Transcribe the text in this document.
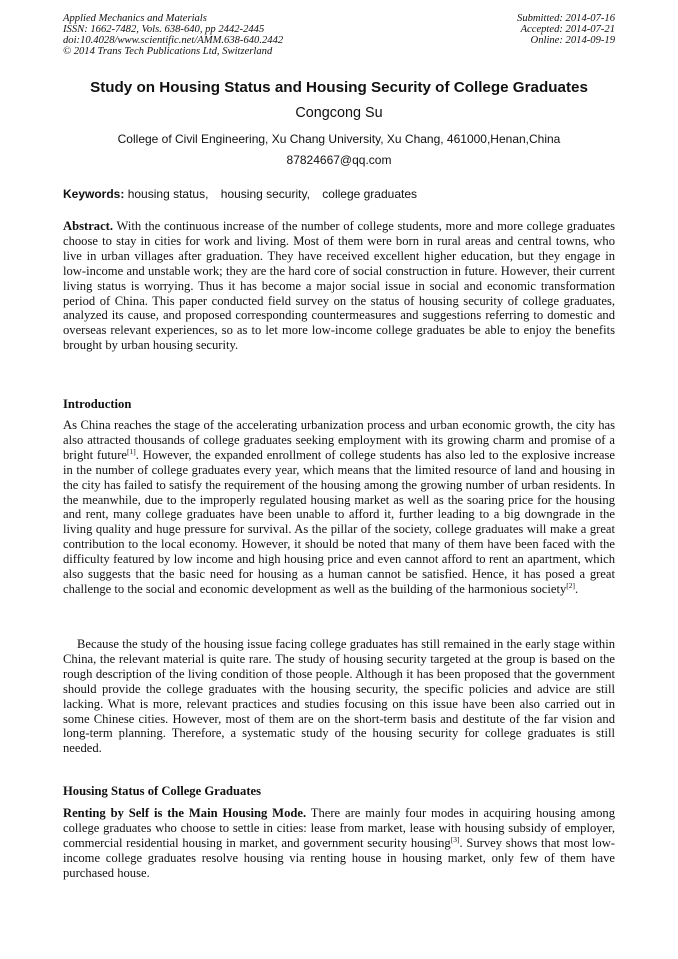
Applied Mechanics and Materials
ISSN: 1662-7482, Vols. 638-640, pp 2442-2445
doi:10.4028/www.scientific.net/AMM.638-640.2442
© 2014 Trans Tech Publications Ltd, Switzerland
Submitted: 2014-07-16
Accepted: 2014-07-21
Online: 2014-09-19
Study on Housing Status and Housing Security of College Graduates
Congcong Su
College of Civil Engineering, Xu Chang University, Xu Chang, 461000,Henan,China
87824667@qq.com
Keywords: housing status, housing security, college graduates
Abstract. With the continuous increase of the number of college students, more and more college graduates choose to stay in cities for work and living. Most of them were born in rural areas and central towns, who live in urban villages after graduation. They have received excellent higher education, but they engage in low-income and unstable work; they are the hard core of social construction in future. However, their current living status is worrying. Thus it has become a major social issue in social and economic transformation period of China. This paper conducted field survey on the status of housing security of college graduates, analyzed its cause, and proposed corresponding countermeasures and suggestions referring to domestic and overseas relevant experiences, so as to let more low-income college graduates be able to enjoy the benefits brought by urban housing security.
Introduction
As China reaches the stage of the accelerating urbanization process and urban economic growth, the city has also attracted thousands of college graduates seeking employment with its growing charm and promise of a bright future[1]. However, the expanded enrollment of college students has also led to the explosive increase in the number of college graduates every year, which means that the limited resource of land and housing in the city has failed to satisfy the requirement of the housing among the growing number of urban residents. In the meanwhile, due to the improperly regulated housing market as well as the soaring price for the housing and rent, many college graduates have been unable to afford it, further leading to a big downgrade in the living quality and huge pressure for survival. As the pillar of the society, college graduates will make a great contribution to the local economy. However, it should be noted that many of them have been faced with the difficulty featured by low income and high housing price and even cannot afford to rent an apartment, which also suggests that the basic need for housing as a human cannot be satisfied. Hence, it has posed a great challenge to the social and economic development as well as the building of the harmonious society[2].
Because the study of the housing issue facing college graduates has still remained in the early stage within China, the relevant material is quite rare. The study of housing security targeted at the group is based on the rough description of the living condition of those people. Although it has been proposed that the government should provide the college graduates with the housing security, the specific policies and advice are still lacking. What is more, relevant practices and studies focusing on this issue have been also carried out in some Chinese cities. However, most of them are on the short-term basis and destitute of the far vision and long-term planning. Therefore, a systematic study of the housing security for college graduates is still needed.
Housing Status of College Graduates
Renting by Self is the Main Housing Mode. There are mainly four modes in acquiring housing among college graduates who choose to settle in cities: lease from market, lease with housing subsidy of employer, commercial residential housing in market, and government security housing[3]. Survey shows that most low-income college graduates resolve housing via renting house in housing market, only few of them have purchased house.
